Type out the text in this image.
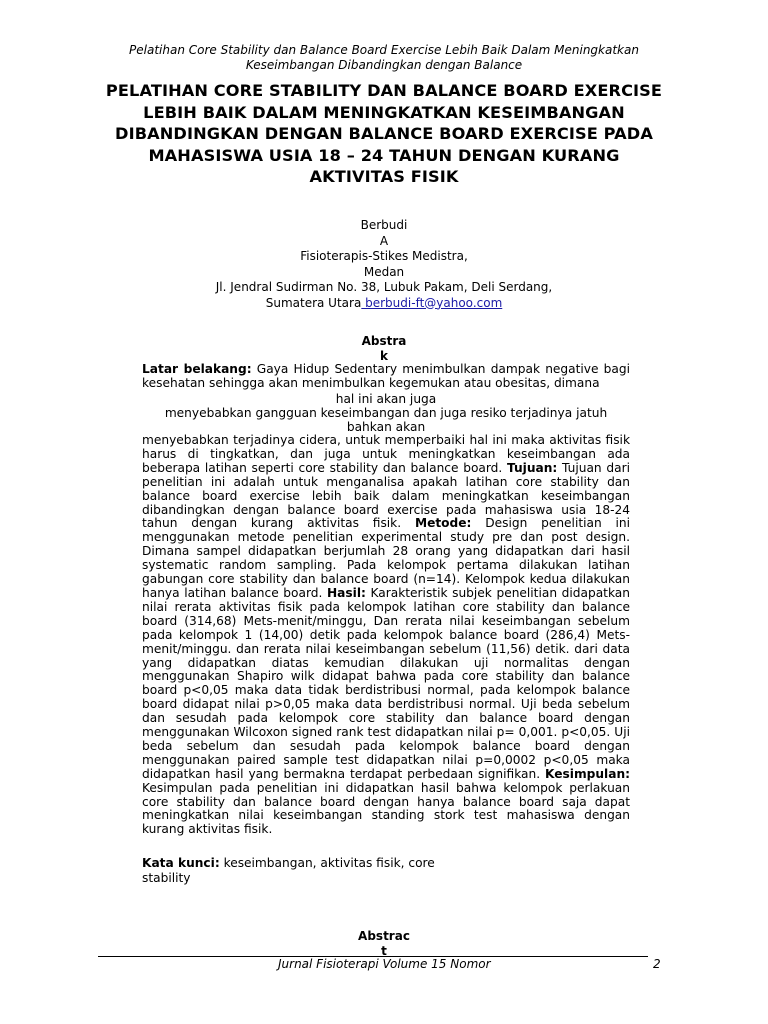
Pelatihan Core Stability dan Balance Board Exercise Lebih Baik Dalam Meningkatkan
Keseimbangan Dibandingkan dengan Balance
PELATIHAN CORE STABILITY DAN BALANCE BOARD EXERCISE LEBIH BAIK DALAM MENINGKATKAN KESEIMBANGAN DIBANDINGKAN DENGAN BALANCE BOARD EXERCISE PADA MAHASISWA USIA 18 – 24 TAHUN DENGAN KURANG AKTIVITAS FISIK
Berbudi
A
Fisioterapis-Stikes Medistra,
Medan
Jl. Jendral Sudirman No. 38, Lubuk Pakam, Deli Serdang,
Sumatera Utara berbudi-ft@yahoo.com
Abstra
k
Latar belakang: Gaya Hidup Sedentary menimbulkan dampak negative bagi kesehatan sehingga akan menimbulkan kegemukan atau obesitas, dimana
hal ini akan juga
menyebabkan gangguan keseimbangan dan juga resiko terjadinya jatuh
bahkan akan
menyebabkan terjadinya cidera, untuk memperbaiki hal ini maka aktivitas fisik harus di tingkatkan, dan juga untuk meningkatkan keseimbangan ada beberapa latihan seperti core stability dan balance board. Tujuan: Tujuan dari penelitian ini adalah untuk menganalisa apakah latihan core stability dan balance board exercise lebih baik dalam meningkatkan keseimbangan dibandingkan dengan balance board exercise pada mahasiswa usia 18-24 tahun dengan kurang aktivitas fisik. Metode: Design penelitian ini menggunakan metode penelitian experimental study pre dan post design. Dimana sampel didapatkan berjumlah 28 orang yang didapatkan dari hasil systematic random sampling. Pada kelompok pertama dilakukan latihan gabungan core stability dan balance board (n=14). Kelompok kedua dilakukan hanya latihan balance board. Hasil: Karakteristik subjek penelitian didapatkan nilai rerata aktivitas fisik pada kelompok latihan core stability dan balance board (314,68) Mets-menit/minggu, Dan rerata nilai keseimbangan sebelum pada kelompok 1 (14,00) detik pada kelompok balance board (286,4) Mets-menit/minggu. dan rerata nilai keseimbangan sebelum (11,56) detik. dari data yang didapatkan diatas kemudian dilakukan uji normalitas dengan menggunakan Shapiro wilk didapat bahwa pada core stability dan balance board p<0,05 maka data tidak berdistribusi normal, pada kelompok balance board didapat nilai p>0,05 maka data berdistribusi normal. Uji beda sebelum dan sesudah pada kelompok core stability dan balance board dengan menggunakan Wilcoxon signed rank test didapatkan nilai p= 0,001. p<0,05. Uji beda sebelum dan sesudah pada kelompok balance board dengan menggunakan paired sample test didapatkan nilai p=0,0002 p<0,05 maka didapatkan hasil yang bermakna terdapat perbedaan signifikan. Kesimpulan: Kesimpulan pada penelitian ini didapatkan hasil bahwa kelompok perlakuan core stability dan balance board dengan hanya balance board saja dapat meningkatkan nilai keseimbangan standing stork test mahasiswa dengan kurang aktivitas fisik.
Kata kunci: keseimbangan, aktivitas fisik, core stability
Abstrac
t
Jurnal Fisioterapi Volume 15 Nomor	2
